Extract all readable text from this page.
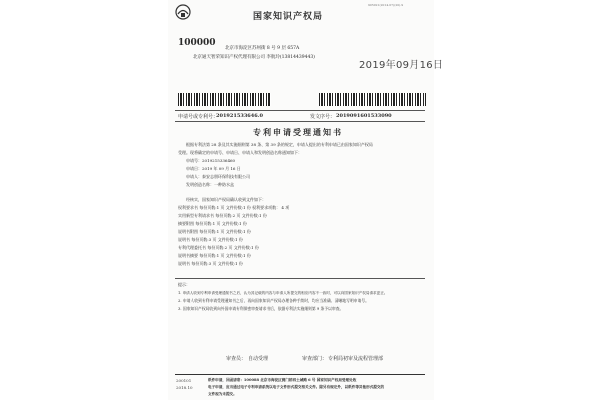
905021(2014.07)(20).9
国家知识产权局
100000
北京市海淀区苏州街 8 号 9 层 657A
北京通天智荣知识产权代理有限公司 李航玲(13814439443)
2019年09月16日
申请号或专利号：
201921533646.0	发文序号： 2019091601533090
专利申请受理通知书
根据专利法第 28 条及其实施细则第 38 条、第 39 条的规定，申请人提出的专利申请已由国家知识产权局
受理。现将确定的申请号、申请日、申请人和发明创造名称通知如下：
申请号：2019215336460
申请日：2019 年 09 月 16 日
申请人：泰安志朋环保科技有限公司
发明创造名称：一种防水盒
经核实，国家知识产权局确认收到文件如下：
权利要求书 每份页数:1 页 文件份数:1 份 权利要求项数： 4 项
实用新型专利请求书 每份页数:2 页 文件份数:1 份
摘要附图 每份页数:1 页 文件份数:1 份
说明书附图 每份页数:1 页 文件份数:1 份
说明书 每份页数:3 页 文件份数:1 份
专利代理委托书 每份页数:2 页 文件份数:1 份
说明书摘要 每份页数:1 页 文件份数:1 份
说明书 每份页数:3 页 文件份数:1 份
提示：
1. 申请人收到专利申请受理通知书之后，认为其记载的内容与申请人所提交的相应内容不一致时，可以向国家知识产权局请求更正。
2. 申请人收到专利申请受理通知书之后，再向国家知识产权局办理各种手续时，均应当准确、清晰地写明申请号。
3. 国家知识产权局收到向外国申请专利保密审查请求书后，依据专利法实施细则第 9 条予以审查。
审查员： 自动受理	审查部门： 专利局初审及流程管理部
200101
2018.10
纸件申请，回函请寄：100088 北京市海淀区蓟门桥西土城路 6 号 国家知识产权局受理处收
电子申请，应当通过电子专利申请系统以电子文件形式提交相关文件。除另有规定外，以纸件等其他形式提交的
文件视为未提交。
